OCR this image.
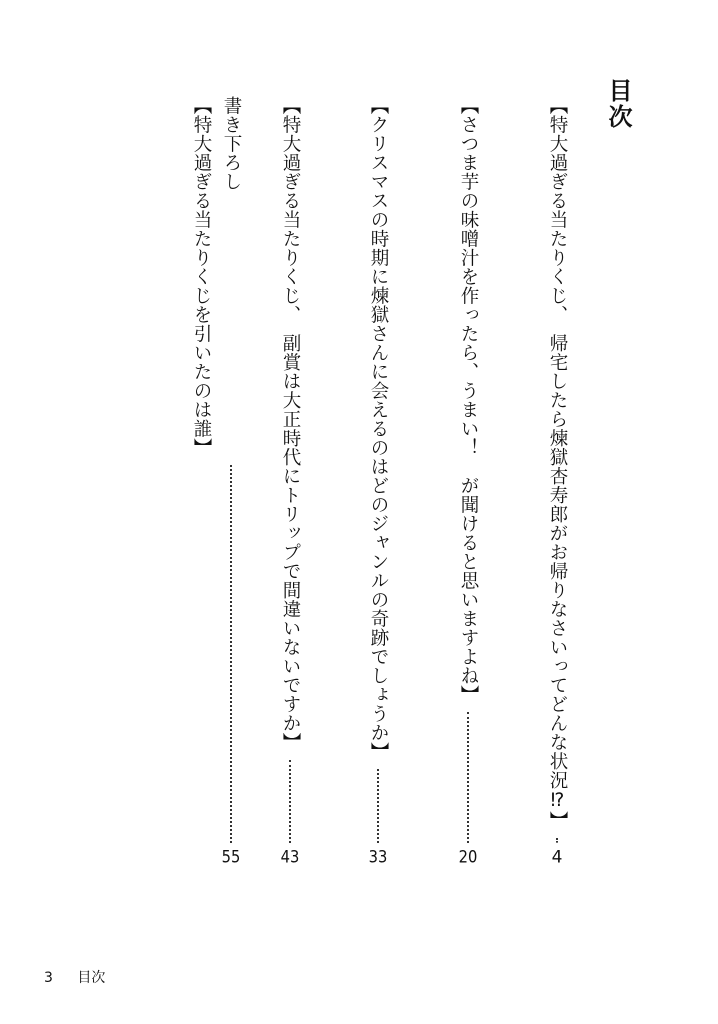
目次
【特大過ぎる当たりくじ、　帰宅したら煉獄杏寿郎がお帰りなさいってどんな状況⁉】
4
【さつま芋の味噌汁を作ったら、うまい！　が聞けると思いますよね】
20
【クリスマスの時期に煉獄さんに会えるのはどのジャンルの奇跡でしょうか】
33
【特大過ぎる当たりくじ、　副賞は大正時代にトリップで間違いないですか】
43
書き下ろし
【特大過ぎる当たりくじを引いたのは誰】
55
3 目次
